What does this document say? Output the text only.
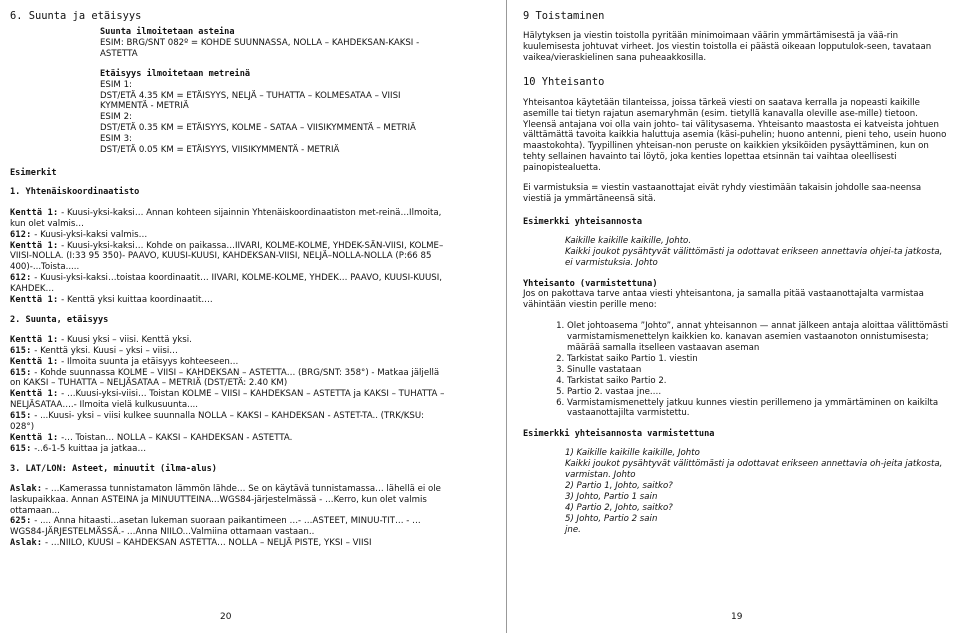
6. Suunta ja etäisyys

Suunta ilmoitetaan asteina

ESIM: BRG/SNT 082º = KOHDE SUUNNASSA, NOLLA – KAHDEKSAN-KAKSI - ASTETTA

Etäisyys ilmoitetaan metreinä

ESIM 1:

DST/ETÄ 4.35 KM = ETÄISYYS, NELJÄ – TUHATTA – KOLMESATAA – VIISI KYMMENTÄ - METRIÄ

ESIM 2:

DST/ETÄ 0.35 KM = ETÄISYYS, KOLME - SATAA – VIISIKYMMENTÄ – METRIÄ

ESIM 3:

DST/ETÄ 0.05 KM = ETÄISYYS, VIISIKYMMENTÄ - METRIÄ

Esimerkit

1. Yhtenäiskoordinaatisto

Kenttä 1: - Kuusi-yksi-kaksi… Annan kohteen sijainnin Yhtenäiskoordinaatiston met-reinä…Ilmoita, kun olet valmis…

612: - Kuusi-yksi-kaksi valmis…

Kenttä 1: - Kuusi-yksi-kaksi… Kohde on paikassa…IIVARI, KOLME-KOLME, YHDEK-SÄN-VIISI, KOLME–VIISI-NOLLA. (I:33 95 350)- PAAVO, KUUSI-KUUSI, KAHDEKSAN-VIISI, NELJÄ–NOLLA-NOLLA (P:66 85 400)-...Toista.....

612: - Kuusi-yksi-kaksi…toistaa koordinaatit… IIVARI, KOLME-KOLME, YHDEK… PAAVO, KUUSI-KUUSI, KAHDEK…

Kenttä 1: - Kenttä yksi kuittaa koordinaatit.…

2. Suunta, etäisyys

Kenttä 1: - Kuusi yksi – viisi. Kenttä yksi.

615: - Kenttä yksi. Kuusi – yksi – viisi…

Kenttä 1: - Ilmoita suunta ja etäisyys kohteeseen…

615: - Kohde suunnassa KOLME – VIISI – KAHDEKSAN – ASTETTA… (BRG/SNT: 358°) - Matkaa jäljellä on KAKSI – TUHATTA – NELJÄSATAA – METRIÄ (DST/ETÄ: 2.40 KM)

Kenttä 1: - …Kuusi-yksi-viisi… Toistan KOLME – VIISI – KAHDEKSAN – ASTETTA ja KAKSI – TUHATTA – NELJÄSATAA….- Ilmoita vielä kulkusuunta....

615: - ...Kuusi- yksi – viisi kulkee suunnalla NOLLA – KAKSI – KAHDEKSAN - ASTET-TA.. (TRK/KSU: 028°)

Kenttä 1: -… Toistan… NOLLA – KAKSI – KAHDEKSAN - ASTETTA.

615: -..6-1-5 kuittaa ja jatkaa…

3. LAT/LON: Asteet, minuutit (ilma-alus)

Aslak: - …Kamerassa tunnistamaton lämmön lähde… Se on käytävä tunnistamassa… lähellä ei ole laskupaikkaa. Annan ASTEINA ja MINUUTTEINA…WGS84-järjestelmässä - …Kerro, kun olet valmis ottamaan...

625: - .... Anna hitaasti…asetan lukeman suoraan paikantimeen …- …ASTEET, MINUU-TIT… - …WGS84-JÄRJESTELMÄSSÄ.- …Anna NIILO...Valmiina ottamaan vastaan..

Aslak: - …NIILO, KUUSI – KAHDEKSAN ASTETTA… NOLLA – NELJÄ PISTE, YKSI – VIISI

20
9 Toistaminen

Hälytyksen ja viestin toistolla pyritään minimoimaan väärin ymmärtämisestä ja vää-rin kuulemisesta johtuvat virheet. Jos viestin toistolla ei päästä oikeaan lopputulok-seen, tavataan vaikea/vieraskielinen sana puheaakkosilla.

10 Yhteisanto

Yhteisantoa käytetään tilanteissa, joissa tärkeä viesti on saatava kerralla ja nopeasti kaikille asemille tai tietyn rajatun asemaryhmän (esim. tietyllä kanavalla oleville ase-mille) tietoon. Yleensä antajana voi olla vain johto- tai välitysasema. Yhteisanto maastosta ei katveista johtuen välttämättä tavoita kaikkia haluttuja asemia (käsi-puhelin; huono antenni, pieni teho, usein huono maastokohta). Tyypillinen yhteisan-non peruste on kaikkien yksiköiden pysäyttäminen, kun on tehty sellainen havainto tai löytö, joka kenties lopettaa etsinnän tai vaihtaa oleellisesti painopistealuetta.

Ei varmistuksia = viestin vastaanottajat eivät ryhdy viestimään takaisin johdolle saa-neensa viestiä ja ymmärtäneensä sitä.

Esimerkki yhteisannosta

Kaikille kaikille kaikille, Johto.

Kaikki joukot pysähtyvät välittömästi ja odottavat erikseen annettavia ohjei-ta jatkosta, ei varmistuksia. Johto

Yhteisanto (varmistettuna)

Jos on pakottava tarve antaa viesti yhteisantona, ja samalla pitää vastaanottajalta varmistaa vähintään viestin perille meno:

1. Olet johtoasema ”Johto”, annat yhteisannon — annat jälkeen antaja aloittaa välittömästi varmistamismenettelyn kaikkien ko. kanavan asemien vastaanoton onnistumisesta; määrää samalla itselleen vastaavan aseman
2. Tarkistat saiko Partio 1. viestin
3. Sinulle vastataan
4. Tarkistat saiko Partio 2.
5. Partio 2. vastaa jne.…
6. Varmistamismenettely jatkuu kunnes viestin perillemeno ja ymmärtäminen on kaikilta vastaanottajilta varmistettu.

Esimerkki yhteisannosta varmistettuna

1) Kaikille kaikille kaikille, Johto

Kaikki joukot pysähtyvät välittömästi ja odottavat erikseen annettavia oh-jeita jatkosta, varmistan. Johto

2) Partio 1, Johto, saitko?

3) Johto, Partio 1 sain

4) Partio 2, Johto, saitko?

5) Johto, Partio 2 sain

jne.

19
